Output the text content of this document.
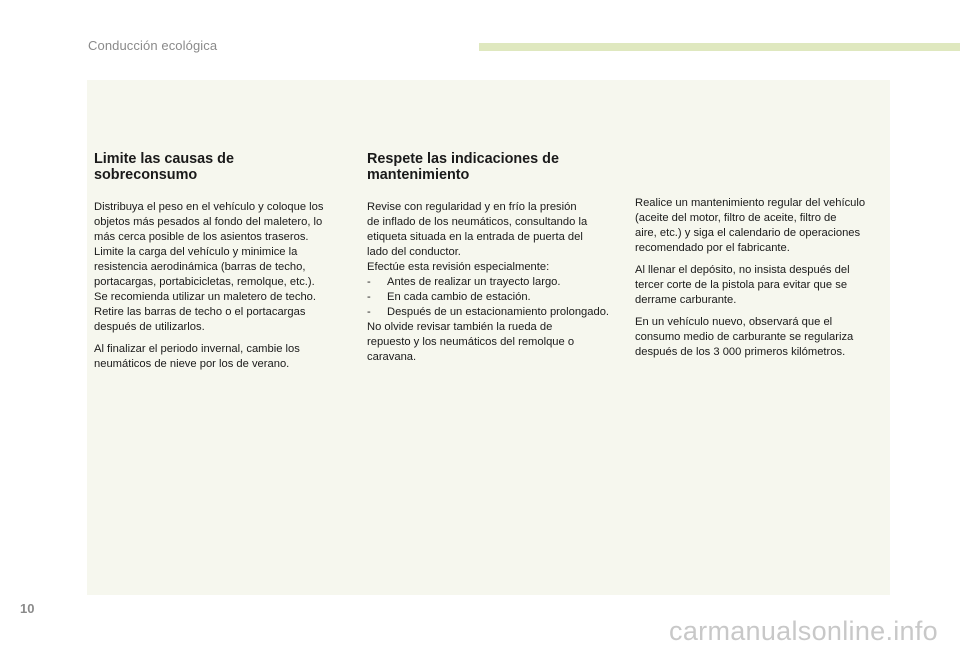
Conducción ecológica
Limite las causas de
sobreconsumo

Distribuya el peso en el vehículo y coloque los
objetos más pesados al fondo del maletero, lo
más cerca posible de los asientos traseros.
Limite la carga del vehículo y minimice la
resistencia aerodinámica (barras de techo,
portacargas, portabicicletas, remolque, etc.).
Se recomienda utilizar un maletero de techo.
Retire las barras de techo o el portacargas
después de utilizarlos.

Al finalizar el periodo invernal, cambie los
neumáticos de nieve por los de verano.

Respete las indicaciones de
mantenimiento
Revise con regularidad y en frío la presión
de inflado de los neumáticos, consultando la
etiqueta situada en la entrada de puerta del
lado del conductor.
Efectúe esta revisión especialmente:
- Antes de realizar un trayecto largo.
- En cada cambio de estación.
- Después de un estacionamiento prolongado.
No olvide revisar también la rueda de
repuesto y los neumáticos del remolque o
caravana.

Realice un mantenimiento regular del vehículo
(aceite del motor, filtro de aceite, filtro de
aire, etc.) y siga el calendario de operaciones
recomendado por el fabricante.

Al llenar el depósito, no insista después del
tercer corte de la pistola para evitar que se
derrame carburante.

En un vehículo nuevo, observará que el
consumo medio de carburante se regulariza
después de los 3 000 primeros kilómetros.

10
carmanualsonline.info
